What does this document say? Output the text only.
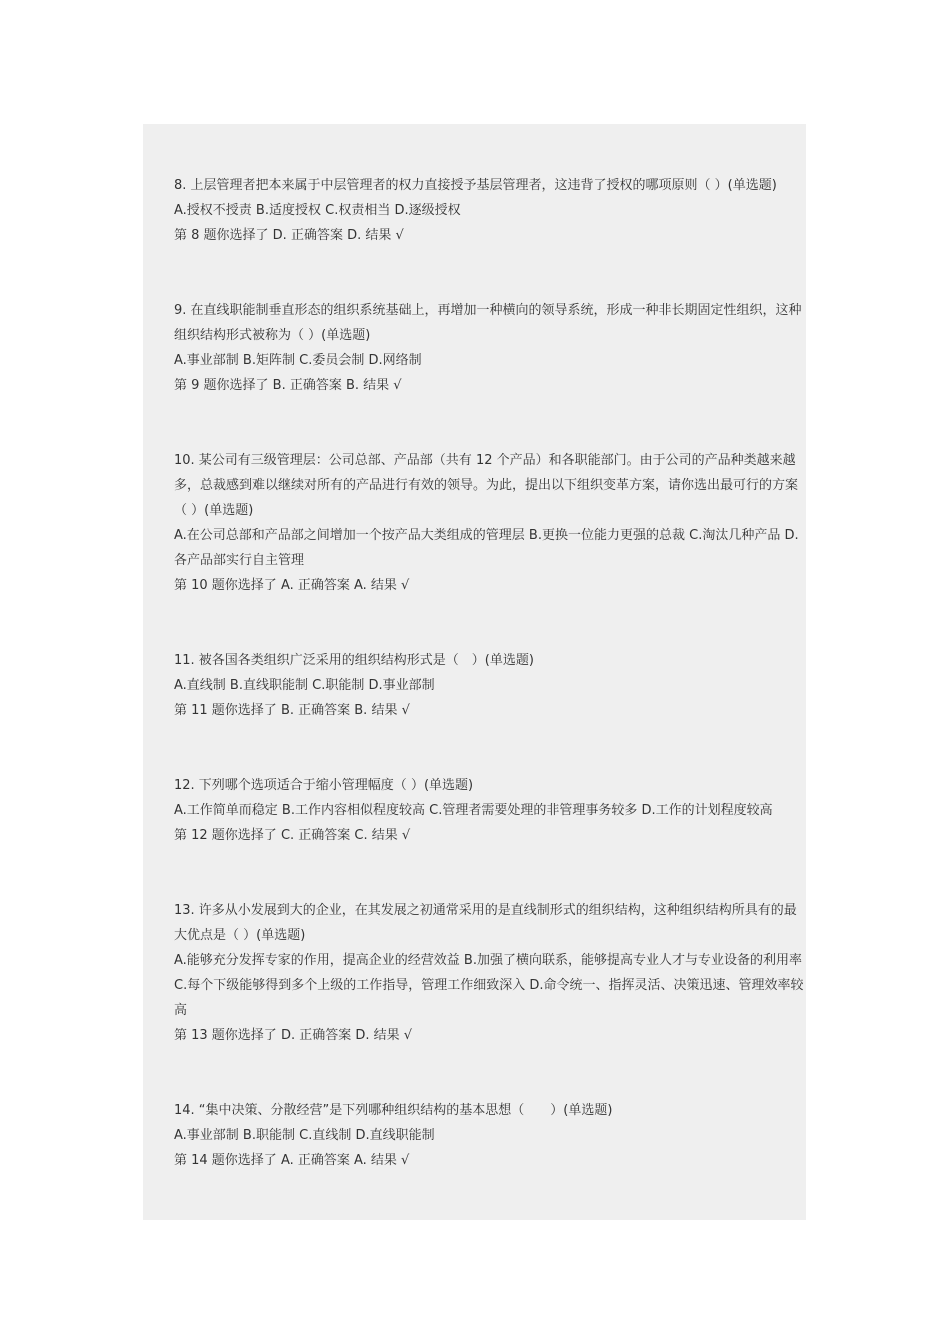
8. 上层管理者把本来属于中层管理者的权力直接授予基层管理者，这违背了授权的哪项原则（ ）(单选题)

A.授权不授责 B.适度授权 C.权责相当 D.逐级授权

第 8 题你选择了 D. 正确答案 D. 结果 √

9. 在直线职能制垂直形态的组织系统基础上，再增加一种横向的领导系统，形成一种非长期固定性组织，这种组织结构形式被称为（ ）(单选题)

A.事业部制 B.矩阵制 C.委员会制 D.网络制

第 9 题你选择了 B. 正确答案 B. 结果 √

10. 某公司有三级管理层：公司总部、产品部（共有 12 个产品）和各职能部门。由于公司的产品种类越来越多，总裁感到难以继续对所有的产品进行有效的领导。为此，提出以下组织变革方案，请你选出最可行的方案（ ）(单选题)

A.在公司总部和产品部之间增加一个按产品大类组成的管理层 B.更换一位能力更强的总裁 C.淘汰几种产品 D.各产品部实行自主管理

第 10 题你选择了 A. 正确答案 A. 结果 √

11. 被各国各类组织广泛采用的组织结构形式是（　）(单选题)

A.直线制 B.直线职能制 C.职能制 D.事业部制

第 11 题你选择了 B. 正确答案 B. 结果 √

12. 下列哪个选项适合于缩小管理幅度（ ）(单选题)

A.工作简单而稳定 B.工作内容相似程度较高 C.管理者需要处理的非管理事务较多 D.工作的计划程度较高

第 12 题你选择了 C. 正确答案 C. 结果 √

13. 许多从小发展到大的企业，在其发展之初通常采用的是直线制形式的组织结构，这种组织结构所具有的最大优点是（ ）(单选题)

A.能够充分发挥专家的作用，提高企业的经营效益 B.加强了横向联系，能够提高专业人才与专业设备的利用率 C.每个下级能够得到多个上级的工作指导，管理工作细致深入 D.命令统一、指挥灵活、决策迅速、管理效率较高

第 13 题你选择了 D. 正确答案 D. 结果 √

14. “集中决策、分散经营”是下列哪种组织结构的基本思想（　　）(单选题)

A.事业部制 B.职能制 C.直线制 D.直线职能制

第 14 题你选择了 A. 正确答案 A. 结果 √
